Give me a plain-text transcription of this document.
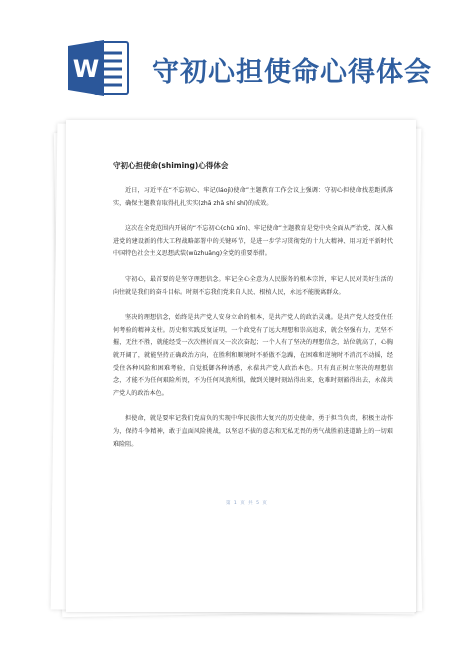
W 守初心担使命心得体会
守初心担使命(shiming)心得体会

近日，习近平在“不忘初心、牢记(láojì)使命”主题教育工作会议上强调：守初心担使命找差距抓落实，确保主题教育取得扎扎实实(zhā zhā shí shí)的成效。

这次在全党范围内开展的“不忘初心(chū xīn)、牢记使命”主题教育是党中央全面从严治党、深入推进党的建设新的伟大工程战略部署中的关键环节，是进一步学习贯彻党的十九大精神、用习近平新时代中国特色社会主义思想武装(wǔzhuāng)全党的重要举措。

守初心，最首要的是坚守理想信念。牢记全心全意为人民服务的根本宗旨，牢记人民对美好生活的向往就是我们的奋斗目标。时刻不忘我们党来自人民、根植人民，永远不能脱离群众。

坚决的理想信念，始终是共产党人安身立命的根本，是共产党人的政治灵魂。是共产党人经受住任何考验的精神支柱。历史和实践反复证明，一个政党有了远大理想和崇高追求，就会坚强有力，无坚不摧，无往不胜，就能经受一次次挫折而又一次次奋起；一个人有了坚决的理想信念，站位就高了，心胸就开阔了，就能坚持正确政治方向，在胜利和顺境时不骄傲不急躁，在困难和逆境时不消沉不动摇，经受住各种风险和困难考验，自觉抵御各种诱惑，永葆共产党人政治本色。只有真正树立坚决的理想信念，才能不为任何艰险所畏，不为任何风浪所惧，做到关键时刻站得出来，危难时刻豁得出去，永葆共产党人的政治本色。

担使命，就是要牢记我们党肩负的实现中华民族伟大复兴的历史使命，勇于担当负责，积极主动作为，保持斗争精神，敢于直面风险挑战，以坚忍不拔的意志和无私无畏的勇气战胜前进道路上的一切艰难险阻。

第 1 页 共 5 页
